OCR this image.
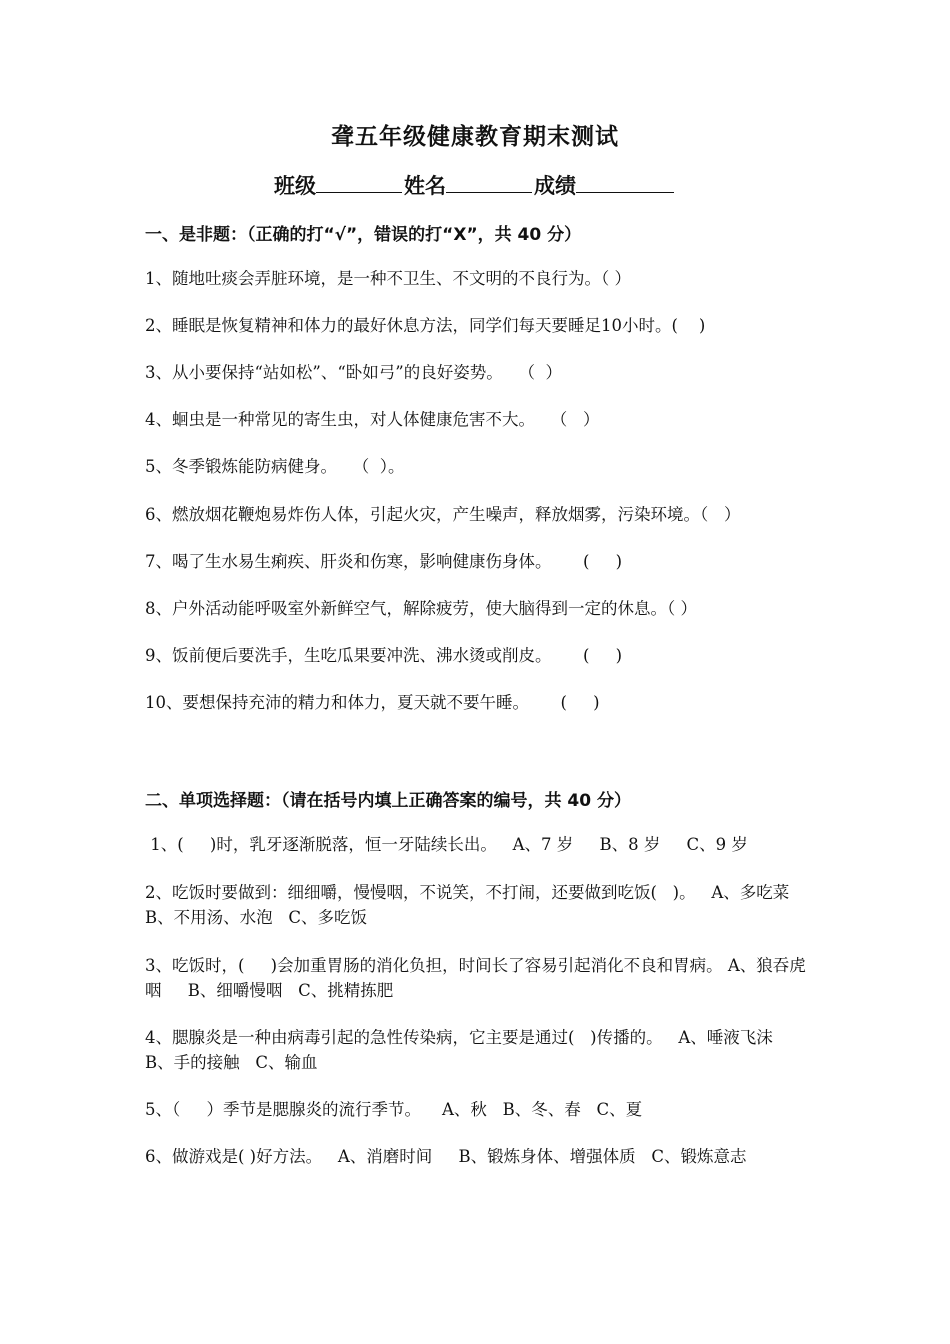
聋五年级健康教育期末测试
班级	姓名	成绩
一、是非题：（正确的打“√”，错误的打“X”，共 40 分）
1、随地吐痰会弄脏环境，是一种不卫生、不文明的不良行为。（ ）
2、睡眠是恢复精神和体力的最好休息方法，同学们每天要睡足10小时。(    )
3、从小要保持“站如松”、“卧如弓”的良好姿势。   （  ）
4、蛔虫是一种常见的寄生虫，对人体健康危害不大。   （   ）
5、冬季锻炼能防病健身。   （  ）。
6、燃放烟花鞭炮易炸伤人体，引起火灾，产生噪声，释放烟雾，污染环境。（   ）
7、喝了生水易生痢疾、肝炎和伤寒，影响健康伤身体。      (     )
8、户外活动能呼吸室外新鲜空气，解除疲劳，使大脑得到一定的休息。（ ）
9、饭前便后要洗手，生吃瓜果要冲洗、沸水烫或削皮。      (     )
10、要想保持充沛的精力和体力，夏天就不要午睡。      (     )
二、单项选择题：（请在括号内填上正确答案的编号，共 40 分）
1、(     )时，乳牙逐渐脱落，恒一牙陆续长出。   A、7 岁     B、8 岁     C、9 岁
2、吃饭时要做到：细细嚼，慢慢咽，不说笑，不打闹，还要做到吃饭(   )。   A、多吃菜     B、不用汤、水泡   C、多吃饭
3、吃饭时，(     )会加重胃肠的消化负担，时间长了容易引起消化不良和胃病。 A、狼吞虎咽     B、细嚼慢咽   C、挑精拣肥
4、腮腺炎是一种由病毒引起的急性传染病，它主要是通过(   )传播的。   A、唾液飞沫     B、手的接触   C、输血
5、（     ）季节是腮腺炎的流行季节。    A、秋   B、冬、春   C、夏
6、做游戏是( )好方法。   A、消磨时间     B、锻炼身体、增强体质   C、锻炼意志
